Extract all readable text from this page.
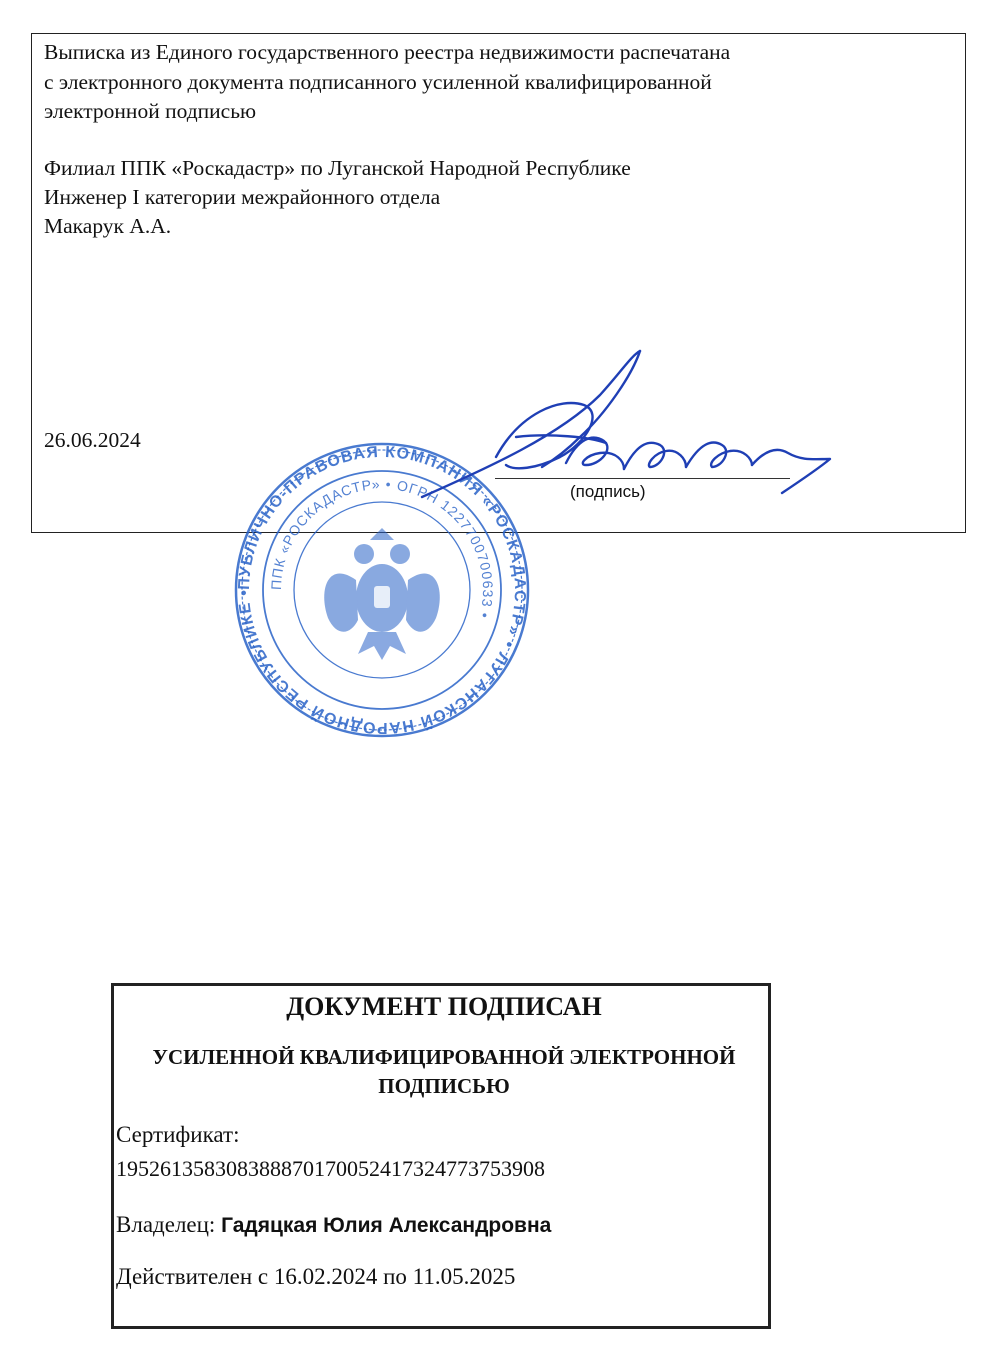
Выписка из Единого государственного реестра недвижимости распечатана

с электронного документа подписанного усиленной квалифицированной

электронной подписью

Филиал ППК «Роскадастр» по Луганской Народной Республике

Инженер I категории межрайонного отдела

Макарук А.А.

26.06.2024

(подпись)
ПУБЛИЧНО-ПРАВОВАЯ КОМПАНИЯ «РОСКАДАСТР» • ЛУГАНСКОЙ НАРОДНОЙ РЕСПУБЛИКЕ •
ППК «РОСКАДАСТР» • ОГРН 1227700700633 •

ДОКУМЕНТ ПОДПИСАН

УСИЛЕННОЙ КВАЛИФИЦИРОВАННОЙ ЭЛЕКТРОННОЙ

ПОДПИСЬЮ

Сертификат:

195261358308388870170052417324773753908

Владелец: Гадяцкая Юлия Александровна

Действителен с 16.02.2024 по 11.05.2025
